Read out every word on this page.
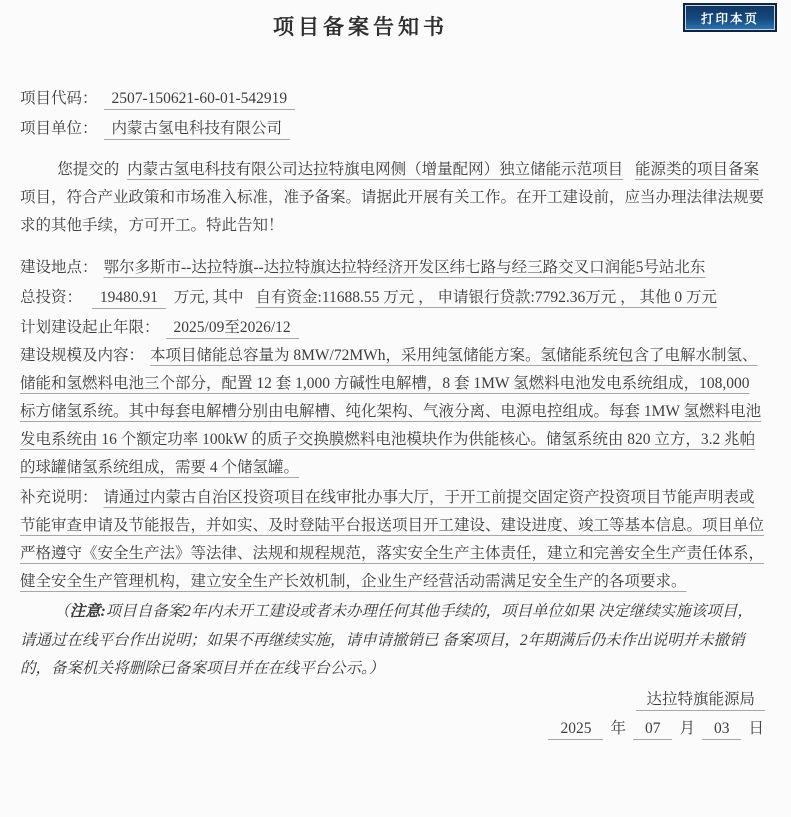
打印本页
项目备案告知书

项目代码： 2507-150621-60-01-542919

项目单位： 内蒙古氢电科技有限公司

您提交的 内蒙古氢电科技有限公司达拉特旗电网侧（增量配网）独立储能示范项目 能源类的项目备案 项目，符合产业政策和市场准入标准，准予备案。请据此开展有关工作。在开工建设前，应当办理法律法规要求的其他手续，方可开工。特此告知！

建设地点： 鄂尔多斯市--达拉特旗--达拉特旗达拉特经济开发区纬七路与经三路交叉口润能5号站北东

总投资： 19480.91 万元, 其中 自有资金:11688.55 万元 ， 申请银行贷款:7792.36万元 ， 其他 0 万元

计划建设起止年限： 2025/09至2026/12

建设规模及内容： 本项目储能总容量为 8MW/72MWh，采用纯氢储能方案。氢储能系统包含了电解水制氢、储能和氢燃料电池三个部分，配置 12 套 1,000 方碱性电解槽，8 套 1MW 氢燃料电池发电系统组成，108,000 标方储氢系统。其中每套电解槽分别由电解槽、纯化架构、气液分离、电源电控组成。每套 1MW 氢燃料电池发电系统由 16 个额定功率 100kW 的质子交换膜燃料电池模块作为供能核心。储氢系统由 820 立方，3.2 兆帕的球罐储氢系统组成，需要 4 个储氢罐。

补充说明： 请通过内蒙古自治区投资项目在线审批办事大厅，于开工前提交固定资产投资项目节能声明表或节能审查申请及节能报告，并如实、及时登陆平台报送项目开工建设、建设进度、竣工等基本信息。项目单位严格遵守《安全生产法》等法律、法规和规程规范，落实安全生产主体责任，建立和完善安全生产责任体系，健全安全生产管理机构，建立安全生产长效机制，企业生产经营活动需满足安全生产的各项要求。

（注意:项目自备案2年内未开工建设或者未办理任何其他手续的，项目单位如果 决定继续实施该项目，请通过在线平台作出说明；如果不再继续实施，请申请撤销已 备案项目，2年期满后仍未作出说明并未撤销的，备案机关将删除已备案项目并在在线平台公示。）

达拉特旗能源局

2025 年 07 月 03 日
